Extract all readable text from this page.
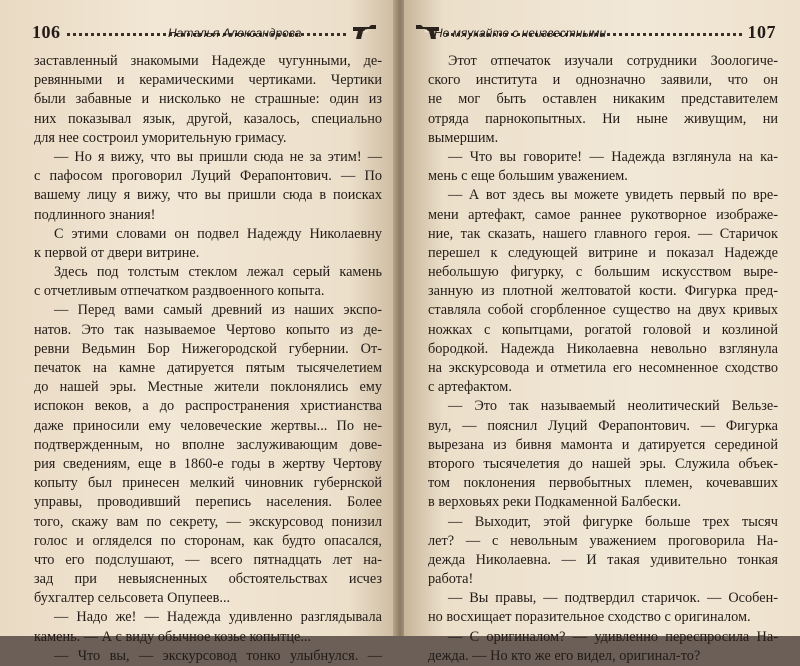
106	Наталья Александрова
заставленный знакомыми Надежде чугунными, де-
ревянными и керамическими чертиками. Чертики
были забавные и нисколько не страшные: один из
них показывал язык, другой, казалось, специально
для нее состроил уморительную гримасу.
— Но я вижу, что вы пришли сюда не за этим! —
с пафосом проговорил Луций Ферапонтович. — По
вашему лицу я вижу, что вы пришли сюда в поисках
подлинного знания!
С этими словами он подвел Надежду Николаевну
к первой от двери витрине.
Здесь под толстым стеклом лежал серый камень
с отчетливым отпечатком раздвоенного копыта.
— Перед вами самый древний из наших экспо-
натов. Это так называемое Чертово копыто из де-
ревни Ведьмин Бор Нижегородской губернии. От-
печаток на камне датируется пятым тысячелетием
до нашей эры. Местные жители поклонялись ему
испокон веков, а до распространения христианства
даже приносили ему человеческие жертвы... По не-
подтвержденным, но вполне заслуживающим дове-
рия сведениям, еще в 1860-е годы в жертву Чертову
копыту был принесен мелкий чиновник губернской
управы, проводивший перепись населения. Более
того, скажу вам по секрету, — экскурсовод понизил
голос и огляделся по сторонам, как будто опасался,
что его подслушают, — всего пятнадцать лет на-
зад при невыясненных обстоятельствах исчез
бухгалтер сельсовета Опупеев...
— Надо же! — Надежда удивленно разглядывала
камень. — А с виду обычное козье копытце...
— Что вы, — экскурсовод тонко улыбнулся. —
107
Не мяукайте с неизвестными
Этот отпечаток изучали сотрудники Зоологиче-
ского института и однозначно заявили, что он
не мог быть оставлен никаким представителем
отряда парнокопытных. Ни ныне живущим, ни
вымершим.
— Что вы говорите! — Надежда взглянула на ка-
мень с еще большим уважением.
— А вот здесь вы можете увидеть первый по вре-
мени артефакт, самое раннее рукотворное изображе-
ние, так сказать, нашего главного героя. — Старичок
перешел к следующей витрине и показал Надежде
небольшую фигурку, с большим искусством выре-
занную из плотной желтоватой кости. Фигурка пред-
ставляла собой сгорбленное существо на двух кривых
ножках с копытцами, рогатой головой и козлиной
бородкой. Надежда Николаевна невольно взглянула
на экскурсовода и отметила его несомненное сходство
с артефактом.
— Это так называемый неолитический Вельзе-
вул, — пояснил Луций Ферапонтович. — Фигурка
вырезана из бивня мамонта и датируется серединой
второго тысячелетия до нашей эры. Служила объек-
том поклонения первобытных племен, кочевавших
в верховьях реки Подкаменной Балбески.
— Выходит, этой фигурке больше трех тысяч
лет? — с невольным уважением проговорила На-
дежда Николаевна. — И такая удивительно тонкая
работа!
— Вы правы, — подтвердил старичок. — Особен-
но восхищает поразительное сходство с оригиналом.
— С оригиналом? — удивленно переспросила На-
дежда. — Но кто же его видел, оригинал-то?
